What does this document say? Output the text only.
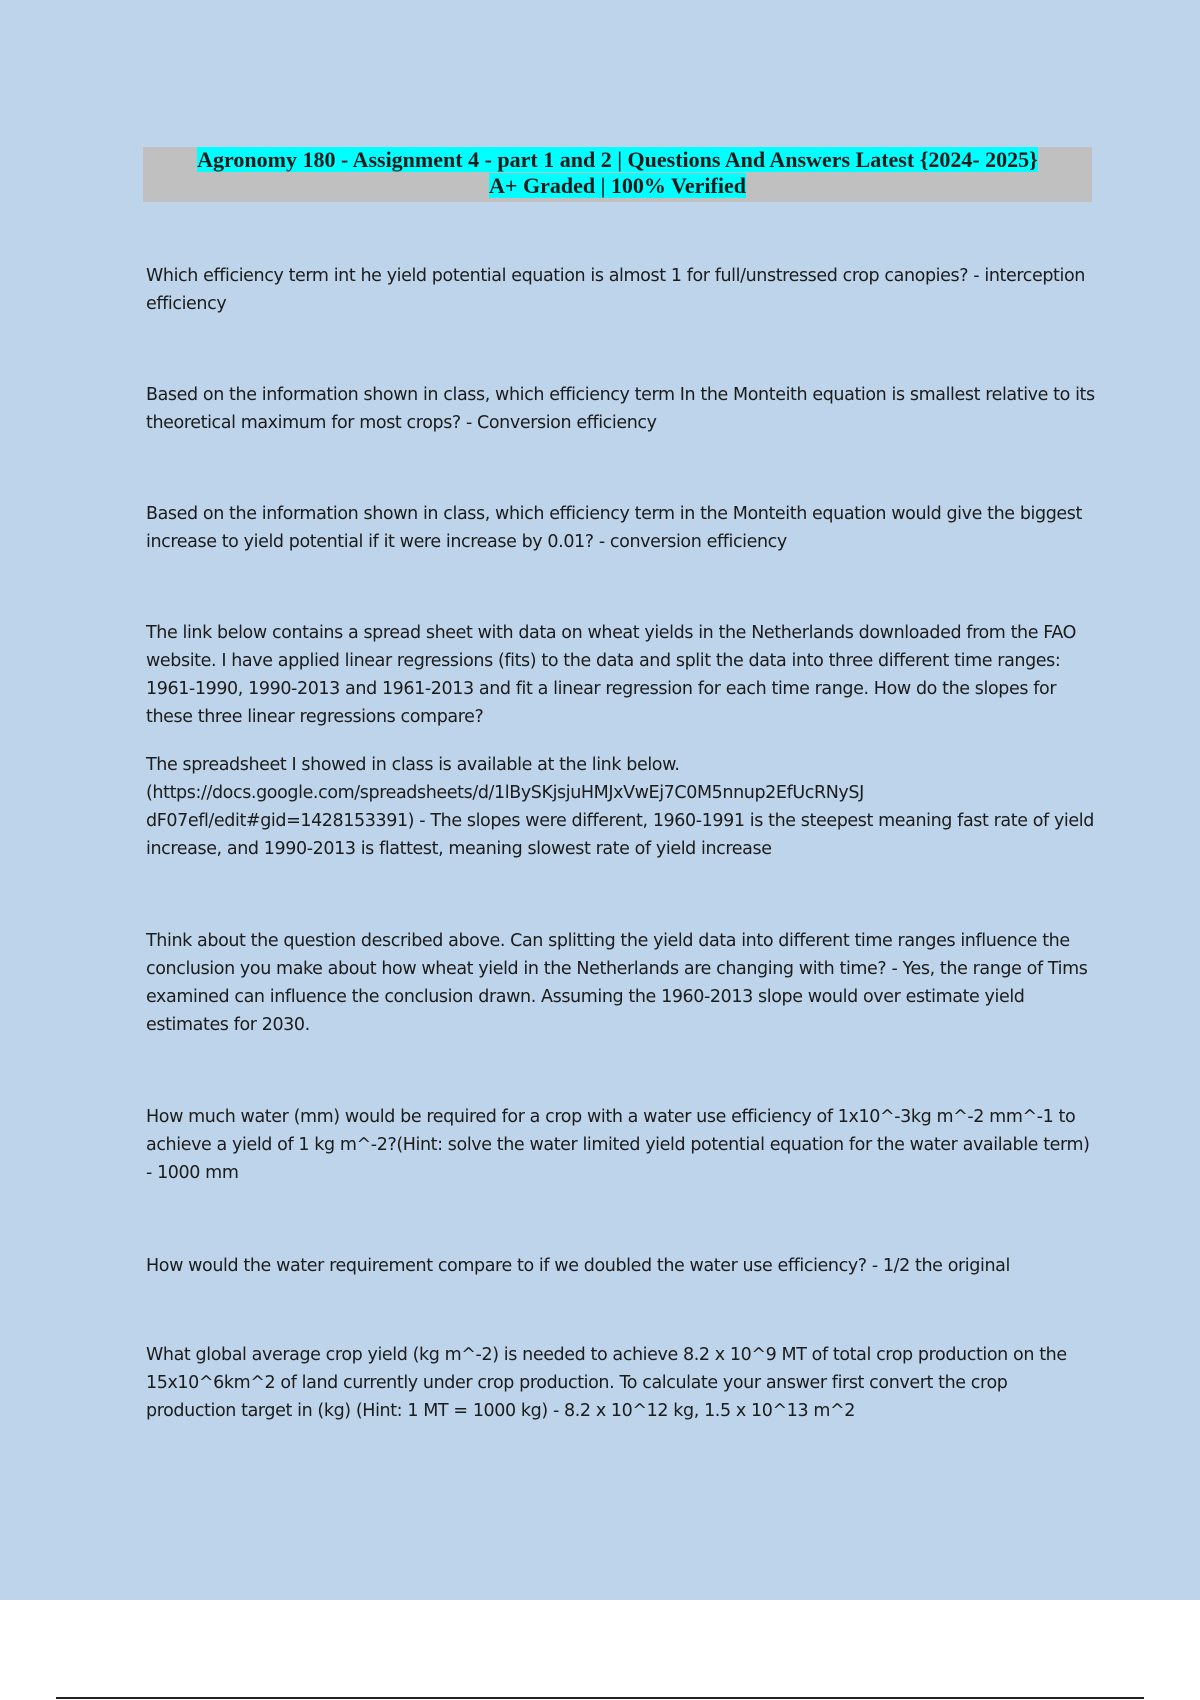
Agronomy 180 - Assignment 4 - part 1 and 2 | Questions And Answers Latest {2024- 2025}
A+ Graded | 100% Verified

Which efficiency term int he yield potential equation is almost 1 for full/unstressed crop canopies? - interception efficiency

Based on the information shown in class, which efficiency term In the Monteith equation is smallest relative to its theoretical maximum for most crops? - Conversion efficiency

Based on the information shown in class, which efficiency term in the Monteith equation would give the biggest increase to yield potential if it were increase by 0.01? - conversion efficiency

The link below contains a spread sheet with data on wheat yields in the Netherlands downloaded from the FAO website. I have applied linear regressions (fits) to the data and split the data into three different time ranges: 1961-1990, 1990-2013 and 1961-2013 and fit a linear regression for each time range. How do the slopes for these three linear regressions compare?

The spreadsheet I showed in class is available at the link below. (https://docs.google.com/spreadsheets/d/1lBySKjsjuHMJxVwEj7C0M5nnup2EfUcRNySJ dF07efl/edit#gid=1428153391) - The slopes were different, 1960-1991 is the steepest meaning fast rate of yield increase, and 1990-2013 is flattest, meaning slowest rate of yield increase

Think about the question described above. Can splitting the yield data into different time ranges influence the conclusion you make about how wheat yield in the Netherlands are changing with time? - Yes, the range of Tims examined can influence the conclusion drawn. Assuming the 1960-2013 slope would over estimate yield estimates for 2030.

How much water (mm) would be required for a crop with a water use efficiency of 1x10^-3kg m^-2 mm^-1 to achieve a yield of 1 kg m^-2?(Hint: solve the water limited yield potential equation for the water available term) - 1000 mm

How would the water requirement compare to if we doubled the water use efficiency? - 1/2 the original

What global average crop yield (kg m^-2) is needed to achieve 8.2 x 10^9 MT of total crop production on the 15x10^6km^2 of land currently under crop production. To calculate your answer first convert the crop production target in (kg) (Hint: 1 MT = 1000 kg) - 8.2 x 10^12 kg, 1.5 x 10^13 m^2
